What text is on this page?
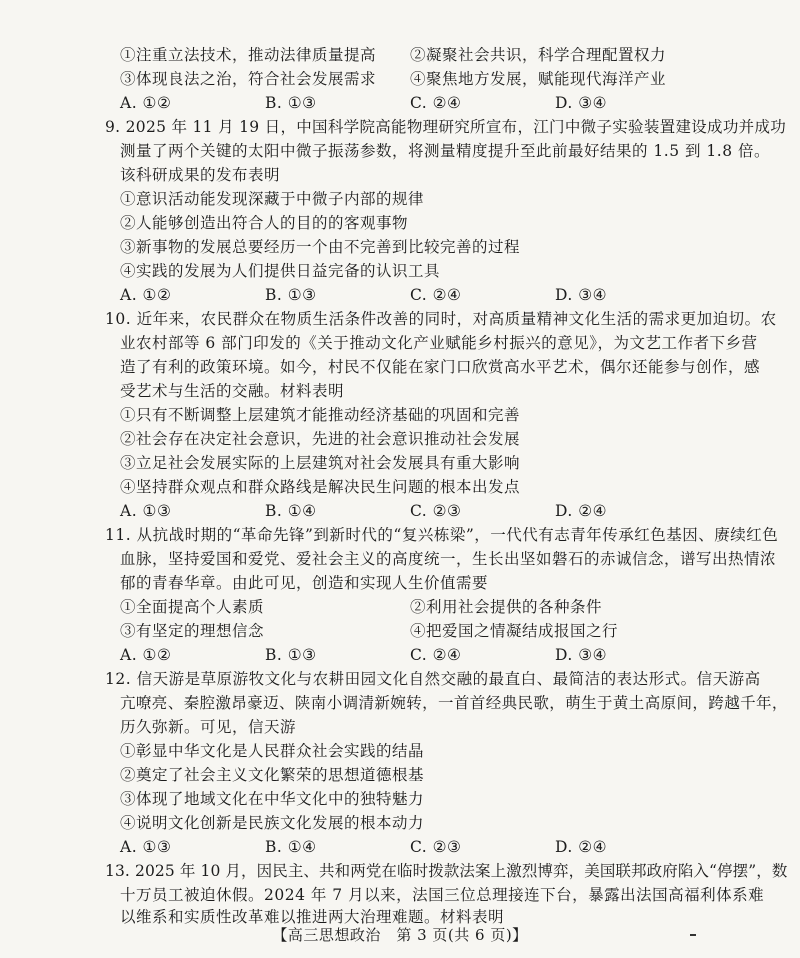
①注重立法技术，推动法律质量提高 ②凝聚社会共识，科学合理配置权力
③体现良法之治，符合社会发展需求 ④聚焦地方发展，赋能现代海洋产业
A. ①②	B. ①③	C. ②④	D. ③④
9. 2025 年 11 月 19 日，中国科学院高能物理研究所宣布，江门中微子实验装置建设成功并成功
测量了两个关键的太阳中微子振荡参数，将测量精度提升至此前最好结果的 1.5 到 1.8 倍。
该科研成果的发布表明
①意识活动能发现深藏于中微子内部的规律
②人能够创造出符合人的目的的客观事物
③新事物的发展总要经历一个由不完善到比较完善的过程
④实践的发展为人们提供日益完备的认识工具
A. ①②	B. ①③	C. ②④	D. ③④
10. 近年来，农民群众在物质生活条件改善的同时，对高质量精神文化生活的需求更加迫切。农
业农村部等 6 部门印发的《关于推动文化产业赋能乡村振兴的意见》，为文艺工作者下乡营
造了有利的政策环境。如今，村民不仅能在家门口欣赏高水平艺术，偶尔还能参与创作，感
受艺术与生活的交融。材料表明
①只有不断调整上层建筑才能推动经济基础的巩固和完善
②社会存在决定社会意识，先进的社会意识推动社会发展
③立足社会发展实际的上层建筑对社会发展具有重大影响
④坚持群众观点和群众路线是解决民生问题的根本出发点
A. ①③	B. ①④	C. ②③	D. ②④
11. 从抗战时期的“革命先锋”到新时代的“复兴栋梁”，一代代有志青年传承红色基因、赓续红色
血脉，坚持爱国和爱党、爱社会主义的高度统一，生长出坚如磐石的赤诚信念，谱写出热情浓
郁的青春华章。由此可见，创造和实现人生价值需要
①全面提高个人素质	②利用社会提供的各种条件
③有坚定的理想信念	④把爱国之情凝结成报国之行
A. ①②	B. ①③	C. ②④	D. ③④
12. 信天游是草原游牧文化与农耕田园文化自然交融的最直白、最简洁的表达形式。信天游高
亢嘹亮、秦腔激昂豪迈、陕南小调清新婉转，一首首经典民歌，萌生于黄土高原间，跨越千年，
历久弥新。可见，信天游
①彰显中华文化是人民群众社会实践的结晶
②奠定了社会主义文化繁荣的思想道德根基
③体现了地域文化在中华文化中的独特魅力
④说明文化创新是民族文化发展的根本动力
A. ①③	B. ①④	C. ②③	D. ②④
13. 2025 年 10 月，因民主、共和两党在临时拨款法案上激烈博弈，美国联邦政府陷入“停摆”，数
十万员工被迫休假。2024 年 7 月以来，法国三位总理接连下台，暴露出法国高福利体系难
以维系和实质性改革难以推进两大治理难题。材料表明
【高三思想政治　第 3 页(共 6 页)】
